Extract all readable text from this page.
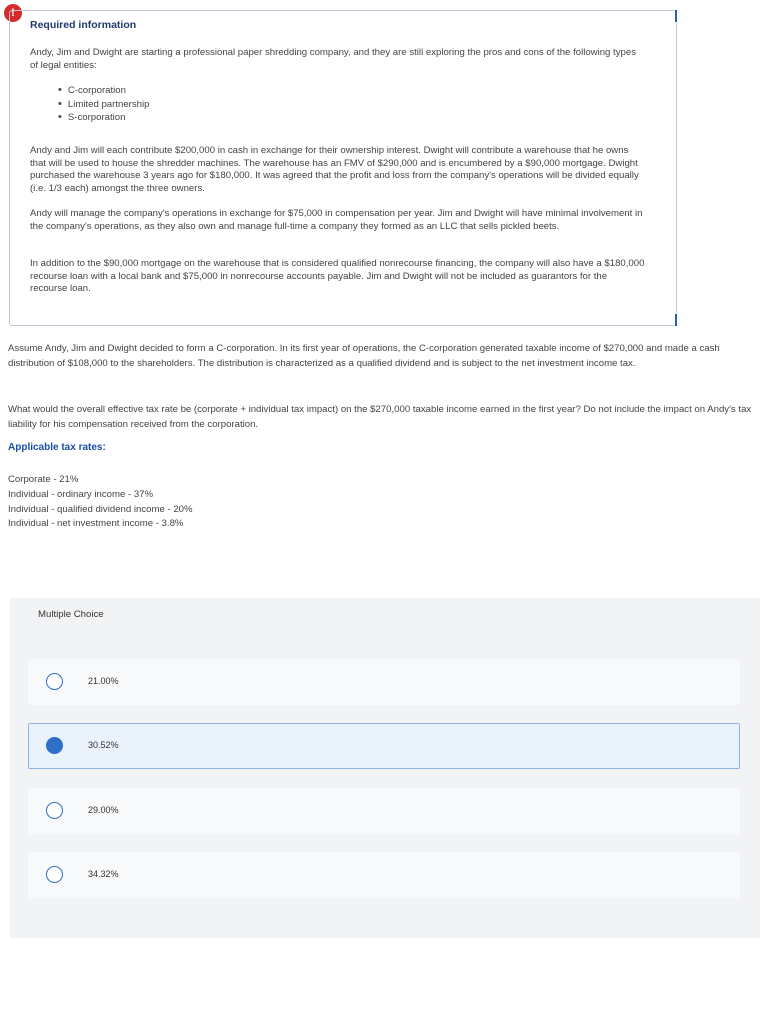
!
Required information
Andy, Jim and Dwight are starting a professional paper shredding company, and they are still exploring the pros and cons of the following types of legal entities:
• C-corporation
• Limited partnership
• S-corporation
Andy and Jim will each contribute $200,000 in cash in exchange for their ownership interest. Dwight will contribute a warehouse that he owns that will be used to house the shredder machines. The warehouse has an FMV of $290,000 and is encumbered by a $90,000 mortgage. Dwight purchased the warehouse 3 years ago for $180,000. It was agreed that the profit and loss from the company's operations will be divided equally (i.e. 1/3 each) amongst the three owners.
Andy will manage the company's operations in exchange for $75,000 in compensation per year. Jim and Dwight will have minimal involvement in the company's operations, as they also own and manage full-time a company they formed as an LLC that sells pickled beets.
In addition to the $90,000 mortgage on the warehouse that is considered qualified nonrecourse financing, the company will also have a $180,000 recourse loan with a local bank and $75,000 in nonrecourse accounts payable. Jim and Dwight will not be included as guarantors for the recourse loan.
Assume Andy, Jim and Dwight decided to form a C-corporation. In its first year of operations, the C-corporation generated taxable income of $270,000 and made a cash distribution of $108,000 to the shareholders. The distribution is characterized as a qualified dividend and is subject to the net investment income tax.
What would the overall effective tax rate be (corporate + individual tax impact) on the $270,000 taxable income earned in the first year? Do not include the impact on Andy's tax liability for his compensation received from the corporation.
Applicable tax rates:
Corporate - 21%
Individual - ordinary income - 37%
Individual - qualified dividend income - 20%
Individual - net investment income - 3.8%
Multiple Choice
21.00%
30.52%
29.00%
34.32%
